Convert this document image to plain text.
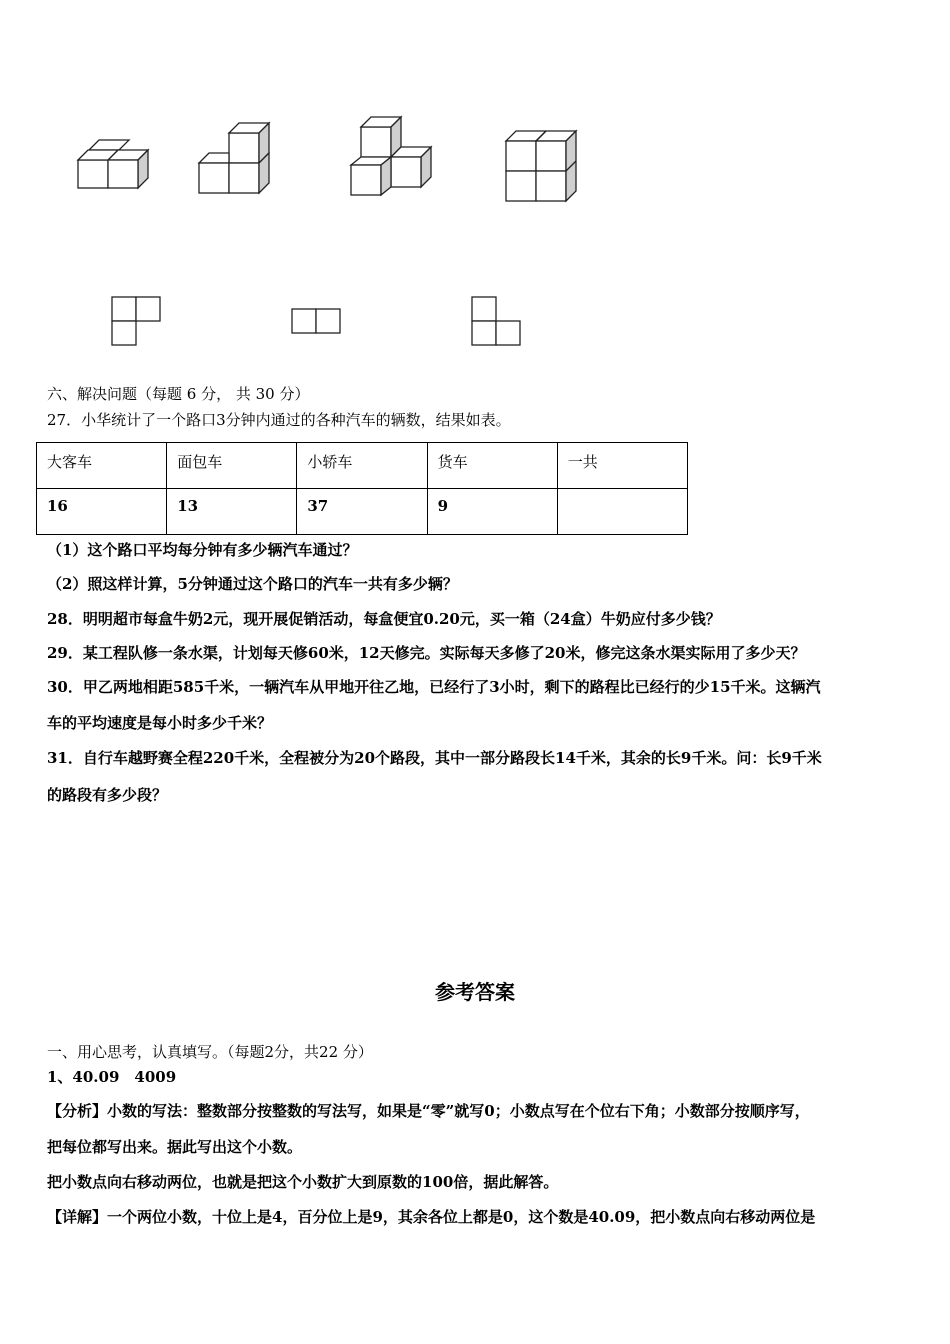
六、解决问题（每题 6 分， 共 30 分）
27．小华统计了一个路口3分钟内通过的各种汽车的辆数，结果如表。
大客车	面包车	小轿车	货车	一共
16	13	37	9	
（1）这个路口平均每分钟有多少辆汽车通过？
（2）照这样计算，5分钟通过这个路口的汽车一共有多少辆？
28．明明超市每盒牛奶2元，现开展促销活动，每盒便宜0.20元，买一箱（24盒）牛奶应付多少钱？
29．某工程队修一条水渠，计划每天修60米，12天修完。实际每天多修了20米，修完这条水渠实际用了多少天？
30．甲乙两地相距585千米，一辆汽车从甲地开往乙地，已经行了3小时，剩下的路程比已经行的少15千米。这辆汽
车的平均速度是每小时多少千米？
31．自行车越野赛全程220千米，全程被分为20个路段，其中一部分路段长14千米，其余的长9千米。问：长9千米
的路段有多少段？
参考答案
一、用心思考，认真填写。（每题2分，共22 分）
1、40.09　4009
【分析】小数的写法：整数部分按整数的写法写，如果是“零”就写0；小数点写在个位右下角；小数部分按顺序写，
把每位都写出来。据此写出这个小数。
把小数点向右移动两位，也就是把这个小数扩大到原数的100倍，据此解答。
【详解】一个两位小数，十位上是4，百分位上是9，其余各位上都是0，这个数是40.09，把小数点向右移动两位是
